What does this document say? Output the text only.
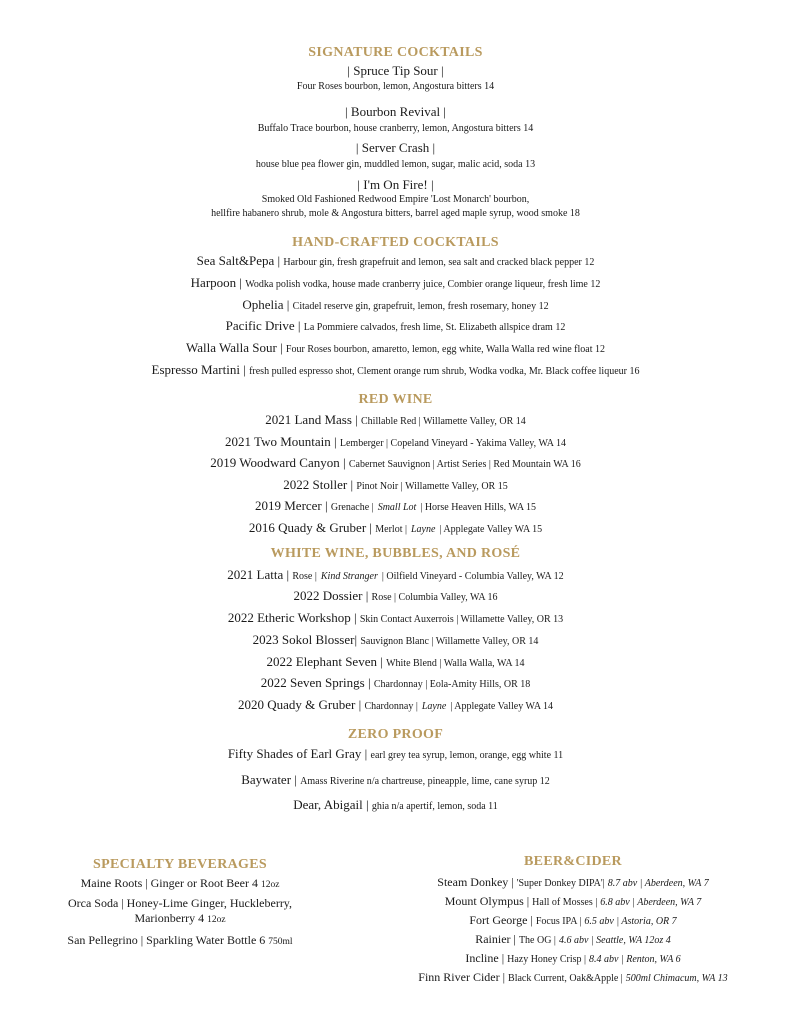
SIGNATURE COCKTAILS
| Spruce Tip Sour |
Four Roses bourbon, lemon, Angostura bitters 14
| Bourbon Revival |
Buffalo Trace bourbon, house cranberry, lemon, Angostura bitters 14
| Server Crash |
house blue pea flower gin, muddled lemon, sugar, malic acid, soda 13
| I'm On Fire! |
Smoked Old Fashioned Redwood Empire 'Lost Monarch' bourbon,
hellfire habanero shrub, mole & Angostura bitters, barrel aged maple syrup, wood smoke 18
HAND-CRAFTED COCKTAILS
Sea Salt&Pepa | Harbour gin, fresh grapefruit and lemon, sea salt and cracked black pepper 12
Harpoon | Wodka polish vodka, house made cranberry juice, Combier orange liqueur, fresh lime 12
Ophelia | Citadel reserve gin, grapefruit, lemon, fresh rosemary, honey 12
Pacific Drive | La Pommiere calvados, fresh lime, St. Elizabeth allspice dram 12
Walla Walla Sour | Four Roses bourbon, amaretto, lemon, egg white, Walla Walla red wine float 12
Espresso Martini | fresh pulled espresso shot, Clement orange rum shrub, Wodka vodka, Mr. Black coffee liqueur 16
RED WINE
2021 Land Mass | Chillable Red | Willamette Valley, OR 14
2021 Two Mountain | Lemberger | Copeland Vineyard - Yakima Valley, WA 14
2019 Woodward Canyon | Cabernet Sauvignon | Artist Series | Red Mountain WA 16
2022 Stoller | Pinot Noir | Willamette Valley, OR 15
2019 Mercer | Grenache | Small Lot | Horse Heaven Hills, WA 15
2016 Quady & Gruber | Merlot | Layne | Applegate Valley WA 15
WHITE WINE, BUBBLES, AND ROSÉ
2021 Latta | Rose | Kind Stranger | Oilfield Vineyard - Columbia Valley, WA 12
2022 Dossier | Rose | Columbia Valley, WA 16
2022 Etheric Workshop | Skin Contact Auxerrois | Willamette Valley, OR 13
2023 Sokol Blosser| Sauvignon Blanc | Willamette Valley, OR 14
2022 Elephant Seven | White Blend | Walla Walla, WA 14
2022 Seven Springs | Chardonnay | Eola-Amity Hills, OR 18
2020 Quady & Gruber | Chardonnay | Layne | Applegate Valley WA 14
ZERO PROOF
Fifty Shades of Earl Gray | earl grey tea syrup, lemon, orange, egg white 11
Baywater | Amass Riverine n/a chartreuse, pineapple, lime, cane syrup 12
Dear, Abigail | ghia n/a apertif, lemon, soda 11
SPECIALTY BEVERAGES
Maine Roots | Ginger or Root Beer 4 12oz
Orca Soda | Honey-Lime Ginger, Huckleberry,
Marionberry 4 12oz
San Pellegrino | Sparkling Water Bottle 6 750ml
BEER&CIDER
Steam Donkey | 'Super Donkey DIPA'| 8.7 abv | Aberdeen, WA 7
Mount Olympus | Hall of Mosses | 6.8 abv | Aberdeen, WA 7
Fort George | Focus IPA | 6.5 abv | Astoria, OR 7
Rainier | The OG | 4.6 abv | Seattle, WA 12oz 4
Incline | Hazy Honey Crisp | 8.4 abv | Renton, WA 6
Finn River Cider | Black Current, Oak&Apple | 500ml Chimacum, WA 13
